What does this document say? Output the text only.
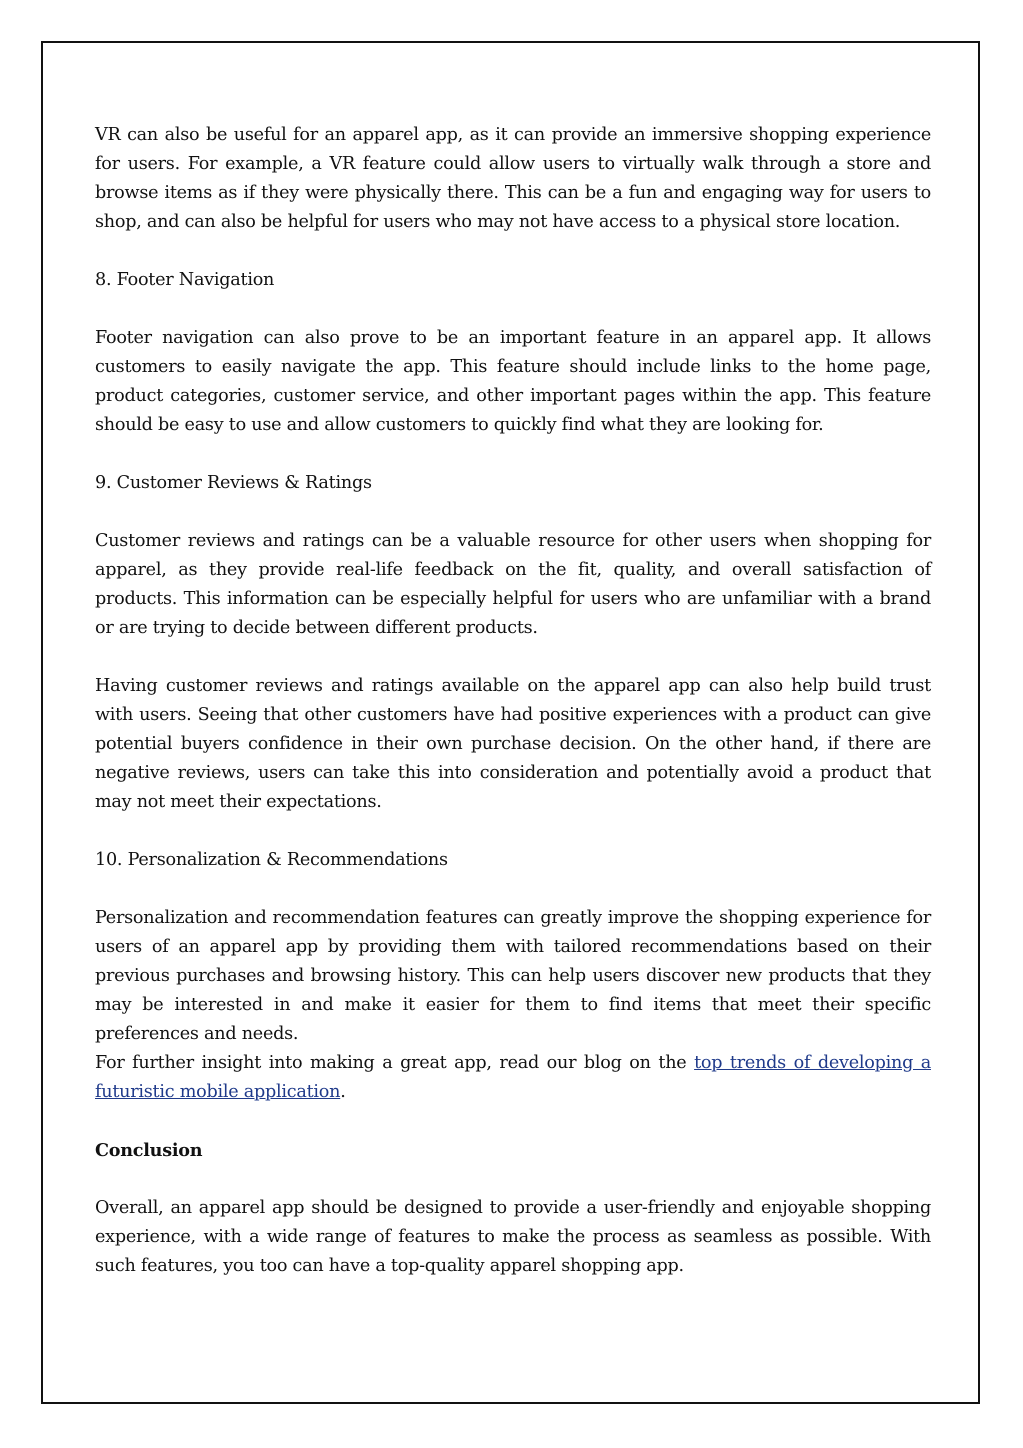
VR can also be useful for an apparel app, as it can provide an immersive shopping experience for users. For example, a VR feature could allow users to virtually walk through a store and browse items as if they were physically there. This can be a fun and engaging way for users to shop, and can also be helpful for users who may not have access to a physical store location.

8. Footer Navigation

Footer navigation can also prove to be an important feature in an apparel app. It allows customers to easily navigate the app. This feature should include links to the home page, product categories, customer service, and other important pages within the app. This feature should be easy to use and allow customers to quickly find what they are looking for.

9. Customer Reviews & Ratings

Customer reviews and ratings can be a valuable resource for other users when shopping for apparel, as they provide real-life feedback on the fit, quality, and overall satisfaction of products. This information can be especially helpful for users who are unfamiliar with a brand or are trying to decide between different products.

Having customer reviews and ratings available on the apparel app can also help build trust with users. Seeing that other customers have had positive experiences with a product can give potential buyers confidence in their own purchase decision. On the other hand, if there are negative reviews, users can take this into consideration and potentially avoid a product that may not meet their expectations.

10. Personalization & Recommendations

Personalization and recommendation features can greatly improve the shopping experience for users of an apparel app by providing them with tailored recommendations based on their previous purchases and browsing history. This can help users discover new products that they may be interested in and make it easier for them to find items that meet their specific preferences and needs.

For further insight into making a great app, read our blog on the top trends of developing a futuristic mobile application.

Conclusion

Overall, an apparel app should be designed to provide a user-friendly and enjoyable shopping experience, with a wide range of features to make the process as seamless as possible. With such features, you too can have a top-quality apparel shopping app.
